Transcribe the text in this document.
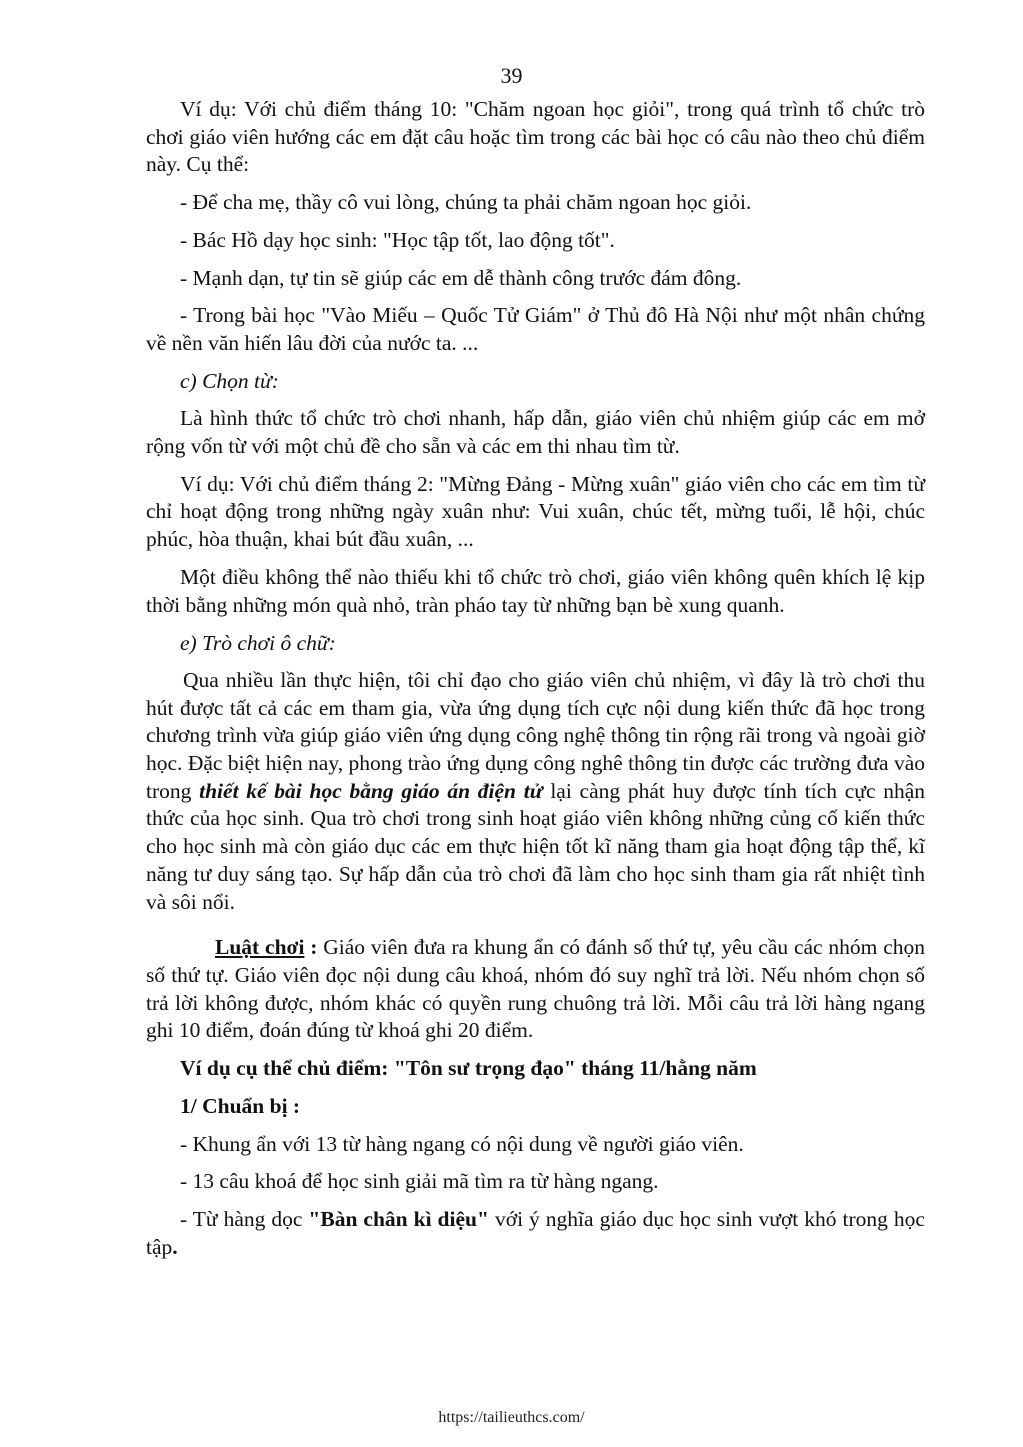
39

Ví dụ: Với chủ điểm tháng 10: "Chăm ngoan học giỏi", trong quá trình tổ chức trò chơi giáo viên hướng các em đặt câu hoặc tìm trong các bài học có câu nào theo chủ điểm này. Cụ thể:

- Để cha mẹ, thầy cô vui lòng, chúng ta phải chăm ngoan học giỏi.

- Bác Hồ dạy học sinh: "Học tập tốt, lao động tốt".

- Mạnh dạn, tự tin sẽ giúp các em dễ thành công trước đám đông.

- Trong bài học "Vào Miếu – Quốc Tử Giám" ở Thủ đô Hà Nội như một nhân chứng về nền văn hiến lâu đời của nước ta. ...

c) Chọn từ:

Là hình thức tổ chức trò chơi nhanh, hấp dẫn, giáo viên chủ nhiệm giúp các em mở rộng vốn từ với một chủ đề cho sẵn và các em thi nhau tìm từ.

Ví dụ: Với chủ điểm tháng 2: "Mừng Đảng - Mừng xuân" giáo viên cho các em tìm từ chỉ hoạt động trong những ngày xuân như: Vui xuân, chúc tết, mừng tuổi, lễ hội, chúc phúc, hòa thuận, khai bút đầu xuân, ...

Một điều không thể nào thiếu khi tổ chức trò chơi, giáo viên không quên khích lệ kịp thời bằng những món quà nhỏ, tràn pháo tay từ những bạn bè xung quanh.

e) Trò chơi ô chữ:

Qua nhiều lần thực hiện, tôi chỉ đạo cho giáo viên chủ nhiệm, vì đây là trò chơi thu hút được tất cả các em tham gia, vừa ứng dụng tích cực nội dung kiến thức đã học trong chương trình vừa giúp giáo viên ứng dụng công nghệ thông tin rộng rãi trong và ngoài giờ học. Đặc biệt hiện nay, phong trào ứng dụng công nghê thông tin được các trường đưa vào trong thiết kế bài học bằng giáo án điện tử lại càng phát huy được tính tích cực nhận thức của học sinh. Qua trò chơi trong sinh hoạt giáo viên không những củng cố kiến thức cho học sinh mà còn giáo dục các em thực hiện tốt kĩ năng tham gia hoạt động tập thể, kĩ năng tư duy sáng tạo. Sự hấp dẫn của trò chơi đã làm cho học sinh tham gia rất nhiệt tình và sôi nổi.

Luật chơi : Giáo viên đưa ra khung ẩn có đánh số thứ tự, yêu cầu các nhóm chọn số thứ tự. Giáo viên đọc nội dung câu khoá, nhóm đó suy nghĩ trả lời. Nếu nhóm chọn số trả lời không được, nhóm khác có quyền rung chuông trả lời. Mỗi câu trả lời hàng ngang ghi 10 điểm, đoán đúng từ khoá ghi 20 điểm.

Ví dụ cụ thể chủ điểm: "Tôn sư trọng đạo" tháng 11/hằng năm

1/ Chuẩn bị :

- Khung ẩn với 13 từ hàng ngang có nội dung về người giáo viên.

- 13 câu khoá để học sinh giải mã tìm ra từ hàng ngang.

- Từ hàng dọc "Bàn chân kì diệu" với ý nghĩa giáo dục học sinh vượt khó trong học tập.

https://tailieuthcs.com/
